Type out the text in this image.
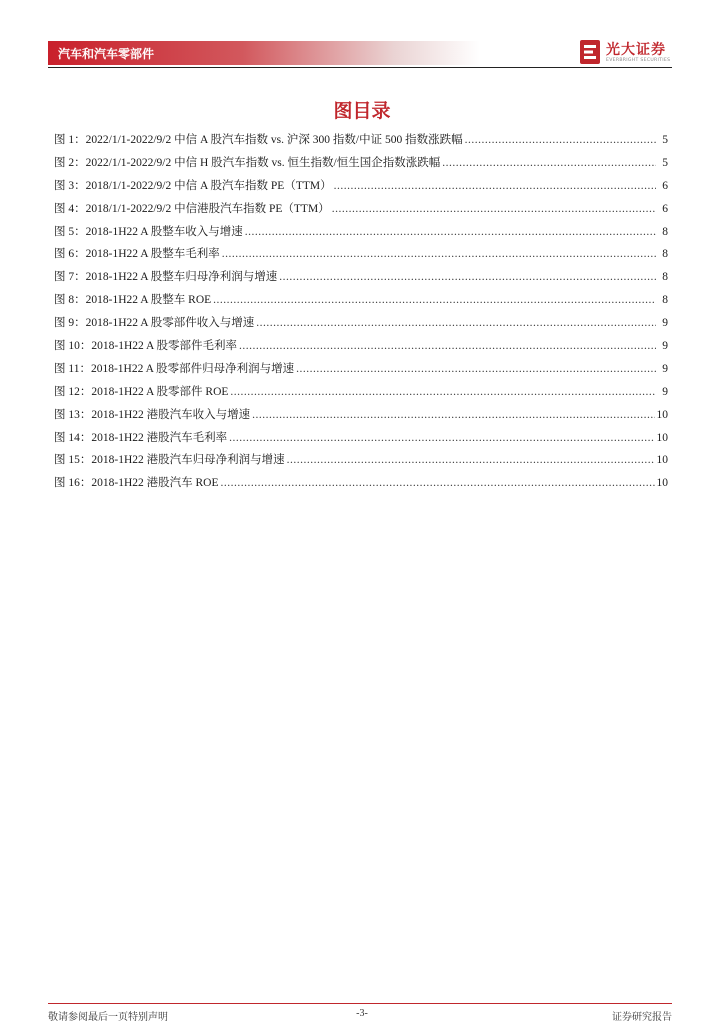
汽车和汽车零部件	光大证券
EVERBRIGHT SECURITIES
图目录
图 1：2022/1/1-2022/9/2 中信 A 股汽车指数 vs. 沪深 300 指数/中证 500 指数涨跌幅 .....	5
图 2：2022/1/1-2022/9/2 中信 H 股汽车指数 vs. 恒生指数/恒生国企指数涨跌幅 .....	5
图 3：2018/1/1-2022/9/2 中信 A 股汽车指数 PE（TTM） .....	6
图 4：2018/1/1-2022/9/2 中信港股汽车指数 PE（TTM） .....	6
图 5：2018-1H22 A 股整车收入与增速 .....	8
图 6：2018-1H22 A 股整车毛利率 .....	8
图 7：2018-1H22 A 股整车归母净利润与增速 .....	8
图 8：2018-1H22 A 股整车 ROE .....	8
图 9：2018-1H22 A 股零部件收入与增速 .....	9
图 10：2018-1H22 A 股零部件毛利率 .....	9
图 11：2018-1H22 A 股零部件归母净利润与增速 .....	9
图 12：2018-1H22 A 股零部件 ROE .....	9
图 13：2018-1H22 港股汽车收入与增速 .....	10
图 14：2018-1H22 港股汽车毛利率 .....	10
图 15：2018-1H22 港股汽车归母净利润与增速 .....	10
图 16：2018-1H22 港股汽车 ROE .....	10
敬请参阅最后一页特别声明	-3-	证券研究报告
